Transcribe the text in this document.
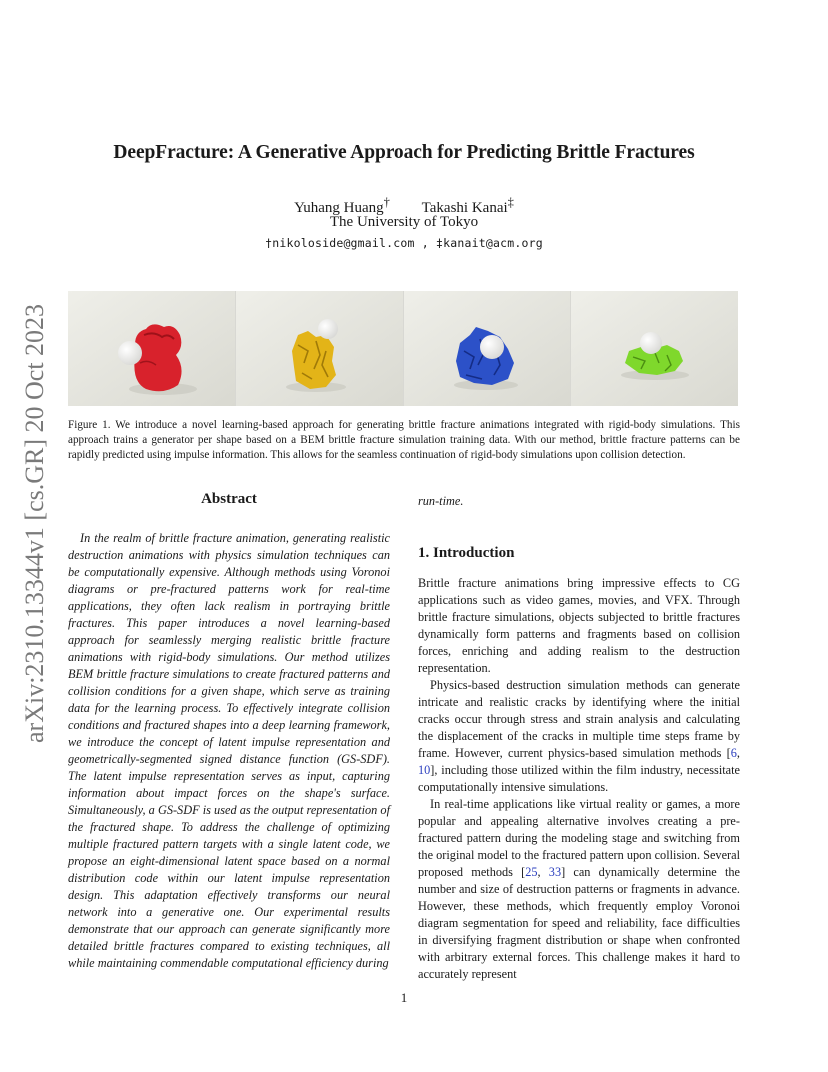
arXiv:2310.13344v1 [cs.GR] 20 Oct 2023
DeepFracture: A Generative Approach for Predicting Brittle Fractures
Yuhang Huang† Takashi Kanai‡
The University of Tokyo
†nikoloside@gmail.com , ‡kanait@acm.org
Figure 1. We introduce a novel learning-based approach for generating brittle fracture animations integrated with rigid-body simulations. This approach trains a generator per shape based on a BEM brittle fracture simulation training data. With our method, brittle fracture patterns can be rapidly predicted using impulse information. This allows for the seamless continuation of rigid-body simulations upon collision detection.
Abstract
In the realm of brittle fracture animation, generating realistic destruction animations with physics simulation techniques can be computationally expensive. Although methods using Voronoi diagrams or pre-fractured patterns work for real-time applications, they often lack realism in portraying brittle fractures. This paper introduces a novel learning-based approach for seamlessly merging realistic brittle fracture animations with rigid-body simulations. Our method utilizes BEM brittle fracture simulations to create fractured patterns and collision conditions for a given shape, which serve as training data for the learning process. To effectively integrate collision conditions and fractured shapes into a deep learning framework, we introduce the concept of latent impulse representation and geometrically-segmented signed distance function (GS-SDF). The latent impulse representation serves as input, capturing information about impact forces on the shape's surface. Simultaneously, a GS-SDF is used as the output representation of the fractured shape. To address the challenge of optimizing multiple fractured pattern targets with a single latent code, we propose an eight-dimensional latent space based on a normal distribution code within our latent impulse representation design. This adaptation effectively transforms our neural network into a generative one. Our experimental results demonstrate that our approach can generate significantly more detailed brittle fractures compared to existing techniques, all while maintaining commendable computational efficiency during
run-time.
1. Introduction

Brittle fracture animations bring impressive effects to CG applications such as video games, movies, and VFX. Through brittle fracture simulations, objects subjected to brittle fractures dynamically form patterns and fragments based on collision forces, enriching and adding realism to the destruction representation.

Physics-based destruction simulation methods can generate intricate and realistic cracks by identifying where the initial cracks occur through stress and strain analysis and calculating the displacement of the cracks in multiple time steps frame by frame. However, current physics-based simulation methods [6, 10], including those utilized within the film industry, necessitate computationally intensive simulations.

In real-time applications like virtual reality or games, a more popular and appealing alternative involves creating a pre-fractured pattern during the modeling stage and switching from the original model to the fractured pattern upon collision. Several proposed methods [25, 33] can dynamically determine the number and size of destruction patterns or fragments in advance. However, these methods, which frequently employ Voronoi diagram segmentation for speed and reliability, face difficulties in diversifying fragment distribution or shape when confronted with arbitrary external forces. This challenge makes it hard to accurately represent

1
